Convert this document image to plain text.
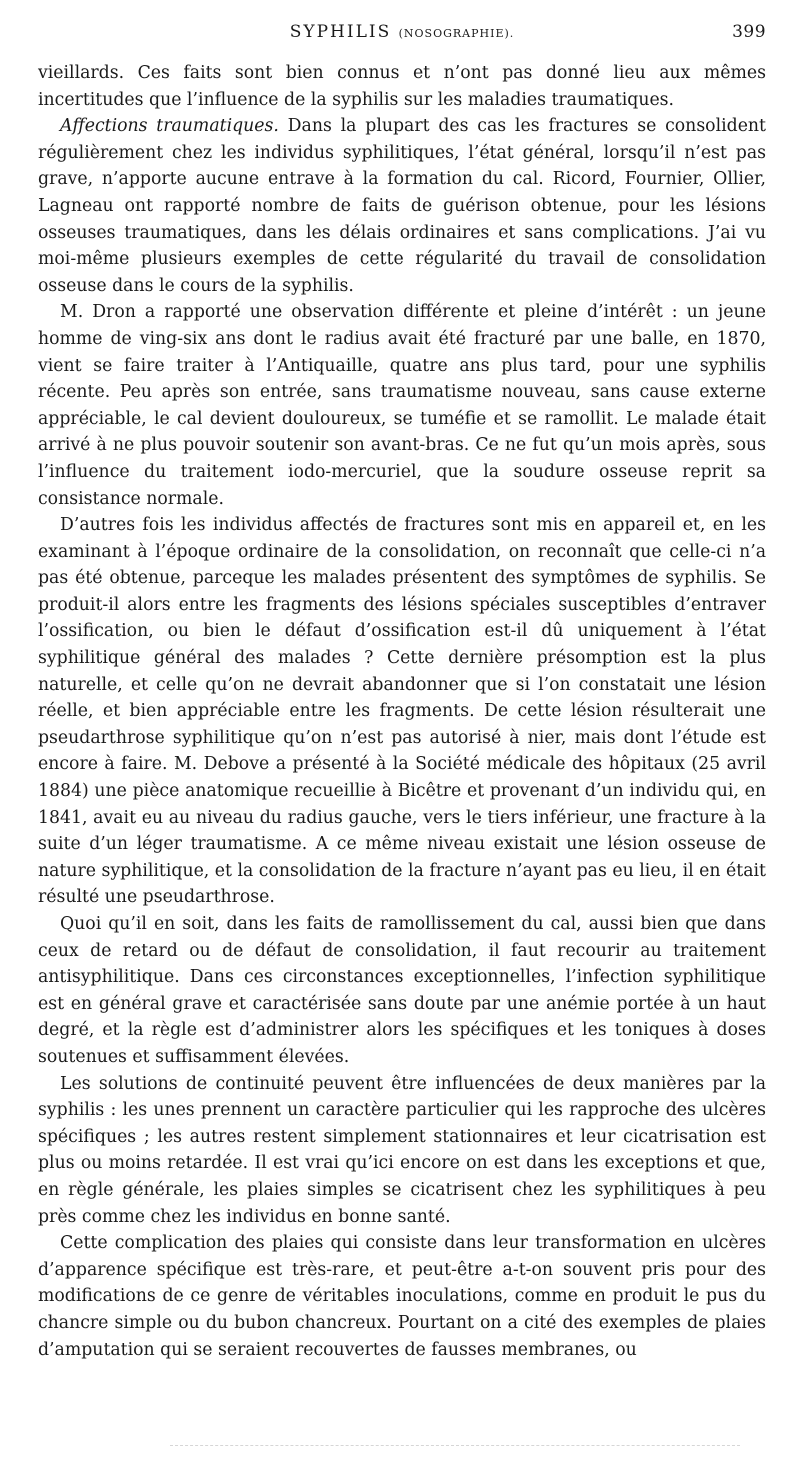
SYPHILIS (NOSOGRAPHIE).	399

vieillards. Ces faits sont bien connus et n’ont pas donné lieu aux mêmes incertitudes que l’influence de la syphilis sur les maladies traumatiques.

Affections traumatiques. Dans la plupart des cas les fractures se consolident régulièrement chez les individus syphilitiques, l’état général, lorsqu’il n’est pas grave, n’apporte aucune entrave à la formation du cal. Ricord, Fournier, Ollier, Lagneau ont rapporté nombre de faits de guérison obtenue, pour les lésions osseuses traumatiques, dans les délais ordinaires et sans complications. J’ai vu moi-même plusieurs exemples de cette régularité du travail de consolidation osseuse dans le cours de la syphilis.

M. Dron a rapporté une observation différente et pleine d’intérêt : un jeune homme de ving-six ans dont le radius avait été fracturé par une balle, en 1870, vient se faire traiter à l’Antiquaille, quatre ans plus tard, pour une syphilis récente. Peu après son entrée, sans traumatisme nouveau, sans cause externe appréciable, le cal devient douloureux, se tuméfie et se ramollit. Le malade était arrivé à ne plus pouvoir soutenir son avant-bras. Ce ne fut qu’un mois après, sous l’influence du traitement iodo-mercuriel, que la soudure osseuse reprit sa consistance normale.

D’autres fois les individus affectés de fractures sont mis en appareil et, en les examinant à l’époque ordinaire de la consolidation, on reconnaît que celle-ci n’a pas été obtenue, parceque les malades présentent des symptômes de syphilis. Se produit-il alors entre les fragments des lésions spéciales susceptibles d’entraver l’ossification, ou bien le défaut d’ossification est-il dû uniquement à l’état syphilitique général des malades ? Cette dernière présomption est la plus naturelle, et celle qu’on ne devrait abandonner que si l’on constatait une lésion réelle, et bien appréciable entre les fragments. De cette lésion résulterait une pseudarthrose syphilitique qu’on n’est pas autorisé à nier, mais dont l’étude est encore à faire. M. Debove a présenté à la Société médicale des hôpitaux (25 avril 1884) une pièce anatomique recueillie à Bicêtre et provenant d’un individu qui, en 1841, avait eu au niveau du radius gauche, vers le tiers inférieur, une fracture à la suite d’un léger traumatisme. A ce même niveau existait une lésion osseuse de nature syphilitique, et la consolidation de la fracture n’ayant pas eu lieu, il en était résulté une pseudarthrose.

Quoi qu’il en soit, dans les faits de ramollissement du cal, aussi bien que dans ceux de retard ou de défaut de consolidation, il faut recourir au traitement antisyphilitique. Dans ces circonstances exceptionnelles, l’infection syphilitique est en général grave et caractérisée sans doute par une anémie portée à un haut degré, et la règle est d’administrer alors les spécifiques et les toniques à doses soutenues et suffisamment élevées.

Les solutions de continuité peuvent être influencées de deux manières par la syphilis : les unes prennent un caractère particulier qui les rapproche des ulcères spécifiques ; les autres restent simplement stationnaires et leur cicatrisation est plus ou moins retardée. Il est vrai qu’ici encore on est dans les exceptions et que, en règle générale, les plaies simples se cicatrisent chez les syphilitiques à peu près comme chez les individus en bonne santé.

Cette complication des plaies qui consiste dans leur transformation en ulcères d’apparence spécifique est très-rare, et peut-être a-t-on souvent pris pour des modifications de ce genre de véritables inoculations, comme en produit le pus du chancre simple ou du bubon chancreux. Pourtant on a cité des exemples de plaies d’amputation qui se seraient recouvertes de fausses membranes, ou
